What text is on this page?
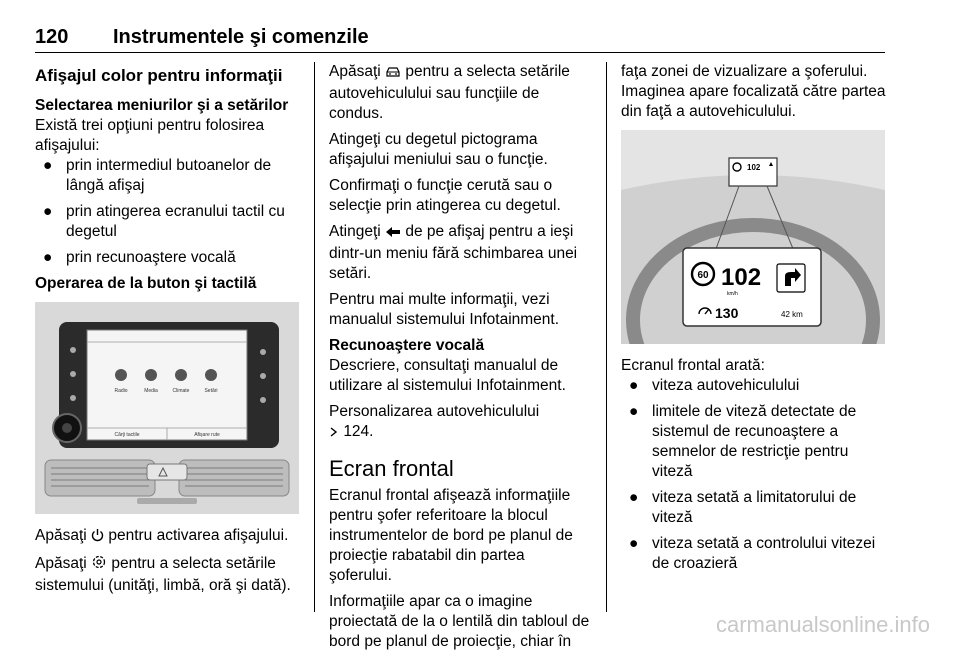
120 Instrumentele şi comenzile
Afişajul color pentru informaţii
Selectarea meniurilor şi a setărilor

Există trei opţiuni pentru folosirea afişajului:

● prin intermediul butoanelor de lângă afişaj
● prin atingerea ecranului tactil cu degetul
● prin recunoaştere vocală
Operarea de la buton şi tactilă
Radio	Media	Climate	Setări
Cărţi tactile	Afișare rute

Apăsaţi pentru activarea afişajului.

Apăsaţi pentru a selecta setările sistemului (unităţi, limbă, oră şi dată).

Apăsaţi pentru a selecta setările autovehiculului sau funcţiile de condus.

Atingeţi cu degetul pictograma afişajului meniului sau o funcţie.

Confirmaţi o funcţie cerută sau o selecţie prin atingerea cu degetul.

Atingeţi de pe afişaj pentru a ieşi dintr-un meniu fără schimbarea unei setări.

Pentru mai multe informaţii, vezi manualul sistemului Infotainment.

Recunoaştere vocală

Descriere, consultaţi manualul de utilizare al sistemului Infotainment.

Personalizarea autovehiculului

124.

Ecran frontal

Ecranul frontal afişează informaţiile pentru şofer referitoare la blocul instrumentelor de bord pe planul de proiecţie rabatabil din partea şoferului.

Informaţiile apar ca o imagine proiectată de la o lentilă din tabloul de bord pe planul de proiecţie, chiar în

faţa zonei de vizualizare a şoferului. Imaginea apare focalizată către partea din faţă a autovehiculului.

102
60 102
km/h
130	42 km

Ecranul frontal arată:

● viteza autovehiculului
● limitele de viteză detectate de sistemul de recunoaştere a semnelor de restricţie pentru viteză
● viteza setată a limitatorului de viteză
● viteza setată a controlului vitezei de croazieră
carmanualsonline.info
